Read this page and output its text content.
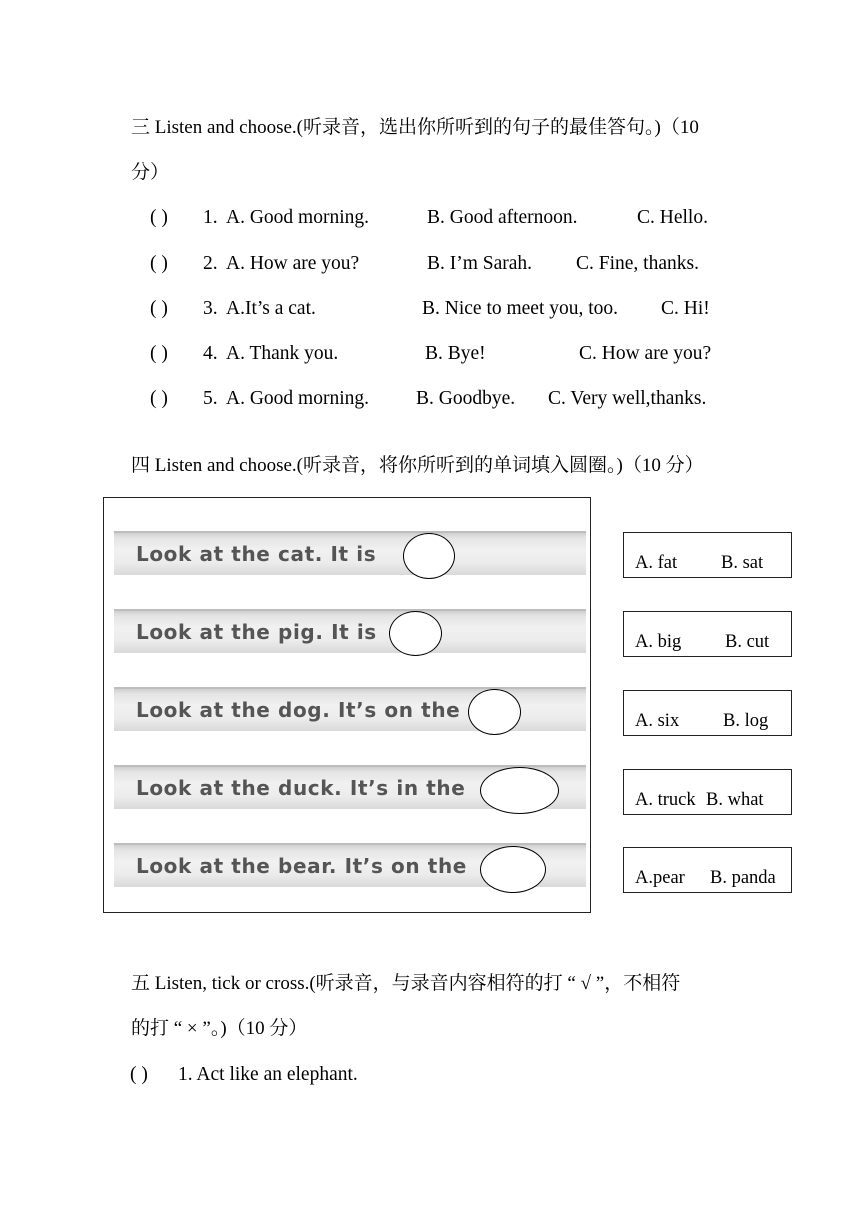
三 Listen and choose.(听录音，选出你所听到的句子的最佳答句。)（10
分）
( ) 1. A. Good morning.	B. Good afternoon.	C. Hello.
( ) 2. A. How are you?	B. I’m Sarah. C. Fine, thanks.
( ) 3. A.It’s a cat.	B. Nice to meet you, too. C. Hi!
( ) 4. A. Thank you.	B. Bye!	C. How are you?
( ) 5. A. Good morning. B. Goodbye. C. Very well,thanks.
四 Listen and choose.(听录音，将你所听到的单词填入圆圈。)（10 分）
Look at the cat. It is
Look at the pig. It is
Look at the dog. It’s on the
Look at the duck. It’s in the
Look at the bear. It’s on the
A. fat B. sat
A. big B. cut
A. six B. log
A. truck B. what
A.pear B. panda
五 Listen, tick or cross.(听录音，与录音内容相符的打 “ √ ”，不相符
的打 “ × ”。)（10 分）
( ) 1. Act like an elephant.
